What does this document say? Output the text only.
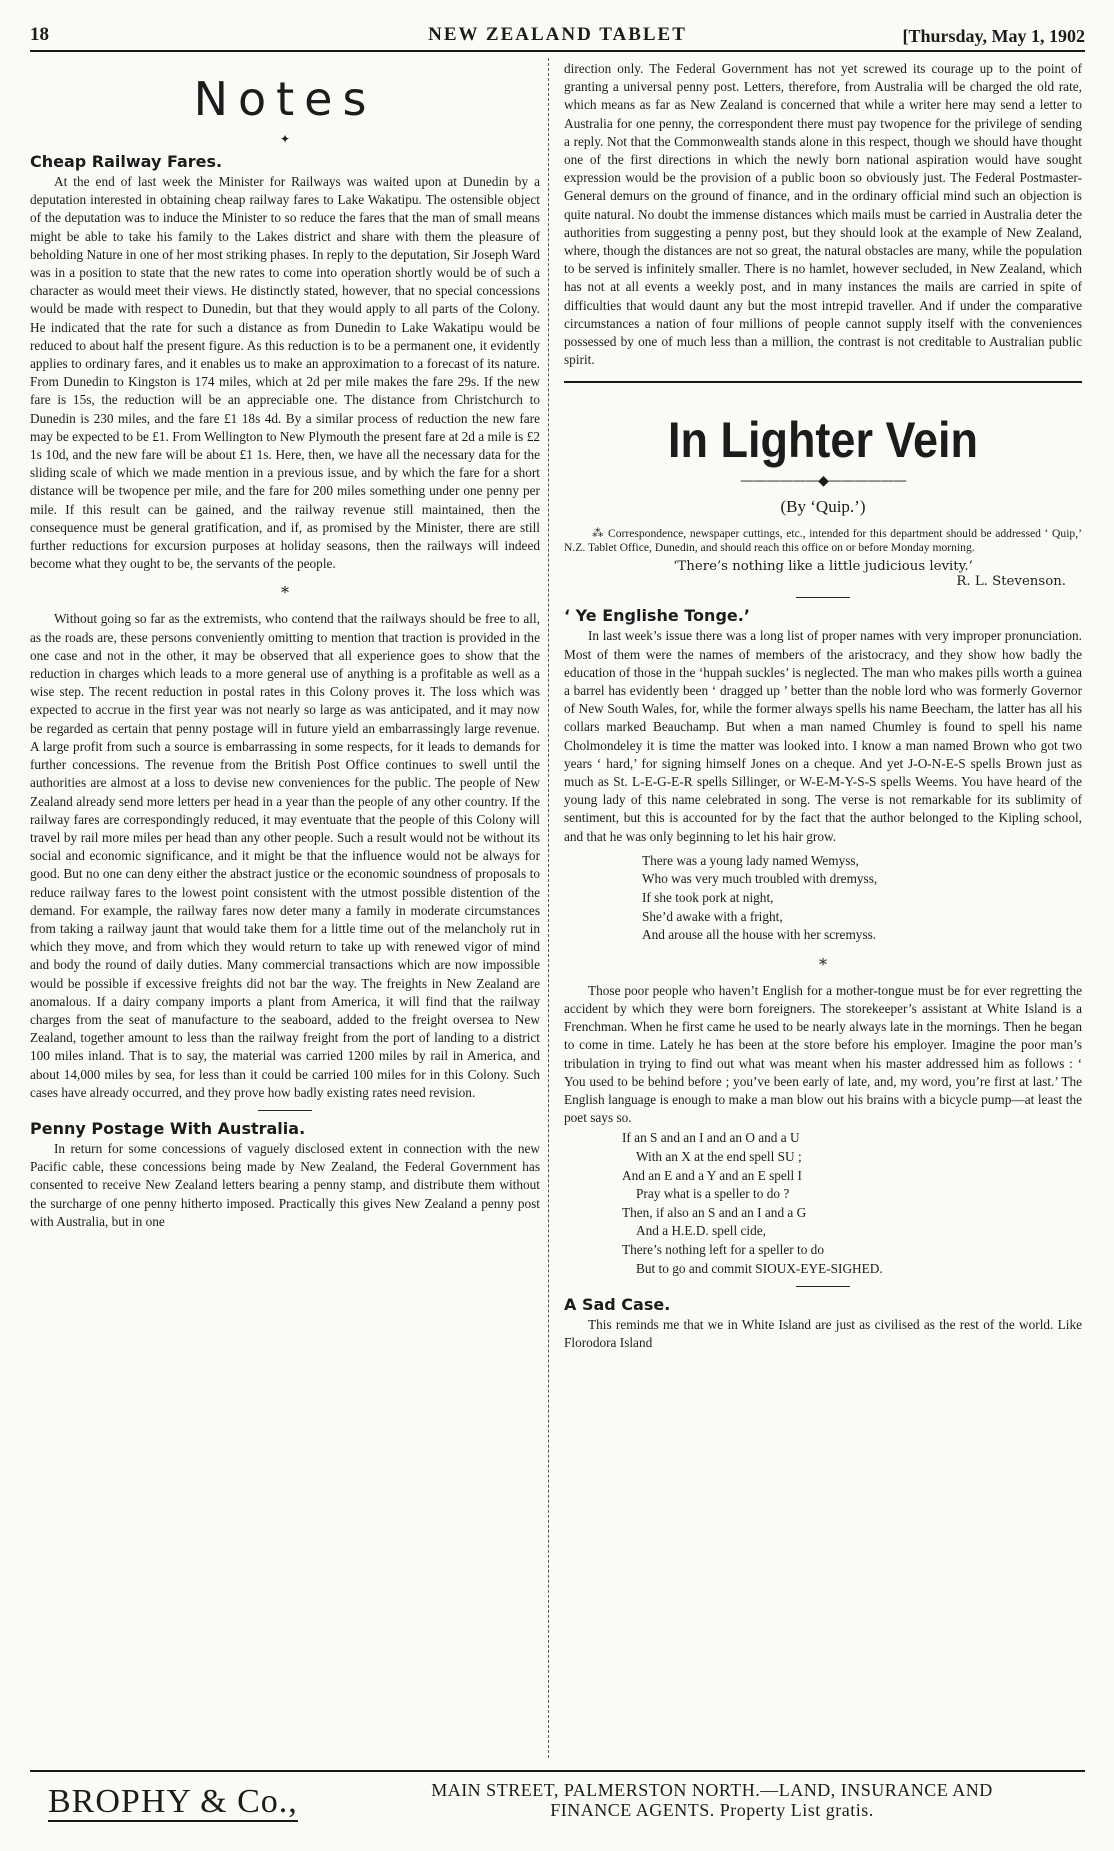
18	NEW ZEALAND TABLET	[Thursday, May 1, 1902
Notes
✦
Cheap Railway Fares.

At the end of last week the Minister for Railways was waited upon at Dunedin by a deputation interested in obtaining cheap railway fares to Lake Wakatipu. The ostensible object of the deputation was to induce the Minister to so reduce the fares that the man of small means might be able to take his family to the Lakes district and share with them the pleasure of beholding Nature in one of her most striking phases. In reply to the deputation, Sir Joseph Ward was in a position to state that the new rates to come into operation shortly would be of such a character as would meet their views. He distinctly stated, however, that no special concessions would be made with respect to Dunedin, but that they would apply to all parts of the Colony. He indicated that the rate for such a distance as from Dunedin to Lake Wakatipu would be reduced to about half the present figure. As this reduction is to be a permanent one, it evidently applies to ordinary fares, and it enables us to make an approximation to a forecast of its nature. From Dunedin to Kingston is 174 miles, which at 2d per mile makes the fare 29s. If the new fare is 15s, the reduction will be an appreciable one. The distance from Christchurch to Dunedin is 230 miles, and the fare £1 18s 4d. By a similar process of reduction the new fare may be expected to be £1. From Wellington to New Plymouth the present fare at 2d a mile is £2 1s 10d, and the new fare will be about £1 1s. Here, then, we have all the necessary data for the sliding scale of which we made mention in a previous issue, and by which the fare for a short distance will be twopence per mile, and the fare for 200 miles something under one penny per mile. If this result can be gained, and the railway revenue still maintained, then the consequence must be general gratification, and if, as promised by the Minister, there are still further reductions for excursion purposes at holiday seasons, then the railways will indeed become what they ought to be, the servants of the people.

*

Without going so far as the extremists, who contend that the railways should be free to all, as the roads are, these persons conveniently omitting to mention that traction is provided in the one case and not in the other, it may be observed that all experience goes to show that the reduction in charges which leads to a more general use of anything is a profitable as well as a wise step. The recent reduction in postal rates in this Colony proves it. The loss which was expected to accrue in the first year was not nearly so large as was anticipated, and it may now be regarded as certain that penny postage will in future yield an embarrassingly large revenue. A large profit from such a source is embarrassing in some respects, for it leads to demands for further concessions. The revenue from the British Post Office continues to swell until the authorities are almost at a loss to devise new conveniences for the public. The people of New Zealand already send more letters per head in a year than the people of any other country. If the railway fares are correspondingly reduced, it may eventuate that the people of this Colony will travel by rail more miles per head than any other people. Such a result would not be without its social and economic significance, and it might be that the influence would not be always for good. But no one can deny either the abstract justice or the economic soundness of proposals to reduce railway fares to the lowest point consistent with the utmost possible distention of the demand. For example, the railway fares now deter many a family in moderate circumstances from taking a railway jaunt that would take them for a little time out of the melancholy rut in which they move, and from which they would return to take up with renewed vigor of mind and body the round of daily duties. Many commercial transactions which are now impossible would be possible if excessive freights did not bar the way. The freights in New Zealand are anomalous. If a dairy company imports a plant from America, it will find that the railway charges from the seat of manufacture to the seaboard, added to the freight oversea to New Zealand, together amount to less than the railway freight from the port of landing to a district 100 miles inland. That is to say, the material was carried 1200 miles by rail in America, and about 14,000 miles by sea, for less than it could be carried 100 miles for in this Colony. Such cases have already occurred, and they prove how badly existing rates need revision.

Penny Postage With Australia.

In return for some concessions of vaguely disclosed extent in connection with the new Pacific cable, these concessions being made by New Zealand, the Federal Government has consented to receive New Zealand letters bearing a penny stamp, and distribute them without the surcharge of one penny hitherto imposed. Practically this gives New Zealand a penny post with Australia, but in one

direction only. The Federal Government has not yet screwed its courage up to the point of granting a universal penny post. Letters, therefore, from Australia will be charged the old rate, which means as far as New Zealand is concerned that while a writer here may send a letter to Australia for one penny, the correspondent there must pay twopence for the privilege of sending a reply. Not that the Commonwealth stands alone in this respect, though we should have thought one of the first directions in which the newly born national aspiration would have sought expression would be the provision of a public boon so obviously just. The Federal Postmaster-General demurs on the ground of finance, and in the ordinary official mind such an objection is quite natural. No doubt the immense distances which mails must be carried in Australia deter the authorities from suggesting a penny post, but they should look at the example of New Zealand, where, though the distances are not so great, the natural obstacles are many, while the population to be served is infinitely smaller. There is no hamlet, however secluded, in New Zealand, which has not at all events a weekly post, and in many instances the mails are carried in spite of difficulties that would daunt any but the most intrepid traveller. And if under the comparative circumstances a nation of four millions of people cannot supply itself with the conveniences possessed by one of much less than a million, the contrast is not creditable to Australian public spirit.

In Lighter Vein
——————◆——————
(By ‘Quip.’)

⁂ Correspondence, newspaper cuttings, etc., intended for this department should be addressed ‘ Quip,’ N.Z. Tablet Office, Dunedin, and should reach this office on or before Monday morning.

‘There’s nothing like a little judicious levity.’
R. L. Stevenson.
‘ Ye Englishe Tonge.’

In last week’s issue there was a long list of proper names with very improper pronunciation. Most of them were the names of members of the aristocracy, and they show how badly the education of those in the ‘huppah suckles’ is neglected. The man who makes pills worth a guinea a barrel has evidently been ‘ dragged up ’ better than the noble lord who was formerly Governor of New South Wales, for, while the former always spells his name Beecham, the latter has all his collars marked Beauchamp. But when a man named Chumley is found to spell his name Cholmondeley it is time the matter was looked into. I know a man named Brown who got two years ‘ hard,’ for signing himself Jones on a cheque. And yet J-O-N-E-S spells Brown just as much as St. L-E-G-E-R spells Sillinger, or W-E-M-Y-S-S spells Weems. You have heard of the young lady of this name celebrated in song. The verse is not remarkable for its sublimity of sentiment, but this is accounted for by the fact that the author belonged to the Kipling school, and that he was only beginning to let his hair grow.

There was a young lady named Wemyss,
Who was very much troubled with dremyss,
If she took pork at night,
She’d awake with a fright,
And arouse all the house with her scremyss.
*

Those poor people who haven’t English for a mother-tongue must be for ever regretting the accident by which they were born foreigners. The storekeeper’s assistant at White Island is a Frenchman. When he first came he used to be nearly always late in the mornings. Then he began to come in time. Lately he has been at the store before his employer. Imagine the poor man’s tribulation in trying to find out what was meant when his master addressed him as follows : ‘ You used to be behind before ; you’ve been early of late, and, my word, you’re first at last.’ The English language is enough to make a man blow out his brains with a bicycle pump—at least the poet says so.

If an S and an I and an O and a U
With an X at the end spell SU ;
And an E and a Y and an E spell I
Pray what is a speller to do ?
Then, if also an S and an I and a G
And a H.E.D. spell cide,
There’s nothing left for a speller to do
But to go and commit SIOUX-EYE-SIGHED.
A Sad Case.

This reminds me that we in White Island are just as civilised as the rest of the world. Like Florodora Island

BROPHY & Co.,	MAIN STREET, PALMERSTON NORTH.—LAND, INSURANCE AND
FINANCE AGENTS. Property List gratis.
